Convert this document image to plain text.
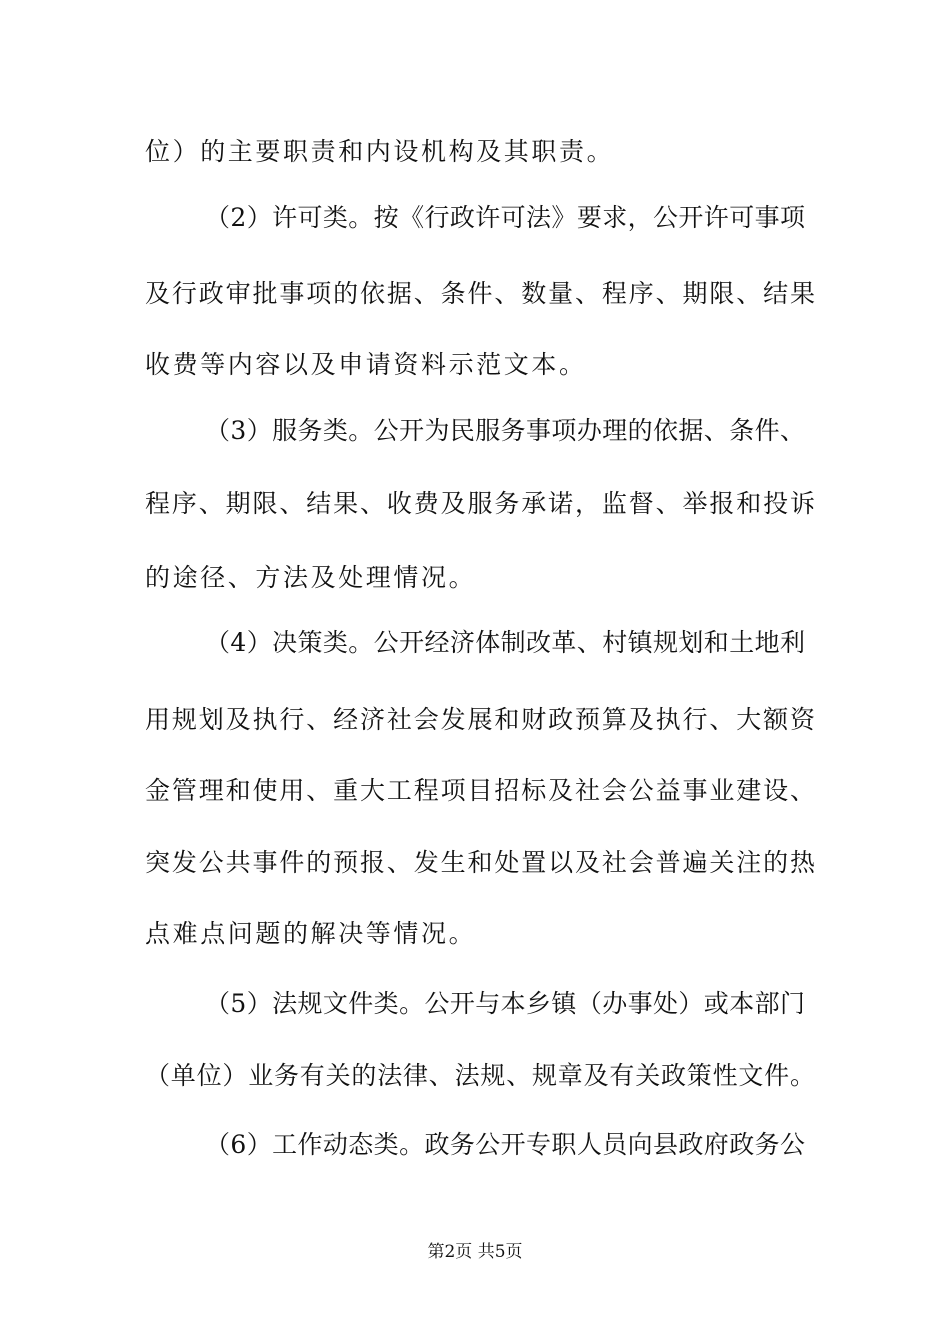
位）的主要职责和内设机构及其职责。
（2）许可类。按《行政许可法》要求，公开许可事项
及行政审批事项的依据、条件、数量、程序、期限、结果
收费等内容以及申请资料示范文本。
（3）服务类。公开为民服务事项办理的依据、条件、
程序、期限、结果、收费及服务承诺，监督、举报和投诉
的途径、方法及处理情况。
（4）决策类。公开经济体制改革、村镇规划和土地利
用规划及执行、经济社会发展和财政预算及执行、大额资
金管理和使用、重大工程项目招标及社会公益事业建设、
突发公共事件的预报、发生和处置以及社会普遍关注的热
点难点问题的解决等情况。
（5）法规文件类。公开与本乡镇（办事处）或本部门
（单位）业务有关的法律、法规、规章及有关政策性文件。
（6）工作动态类。政务公开专职人员向县政府政务公
第2页 共5页
